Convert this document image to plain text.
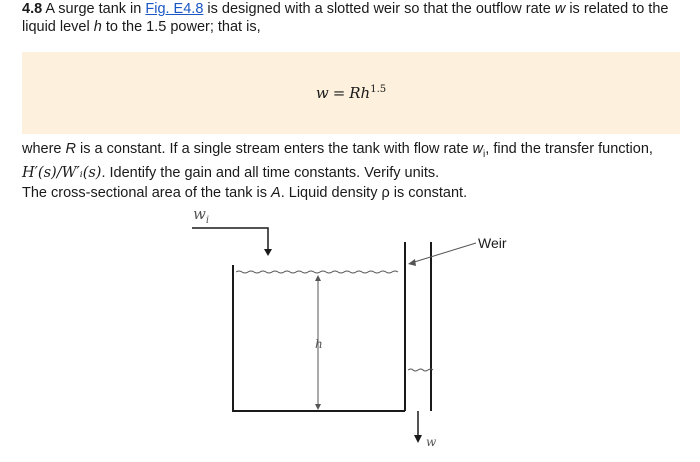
4.8 A surge tank in Fig. E4.8 is designed with a slotted weir so that the outflow rate w is related to the liquid level h to the 1.5 power; that is,
$w = Rh^{1.5}$
where R is a constant. If a single stream enters the tank with flow rate $w_i$, find the transfer function,
H′(s)/W′ᵢ(s). Identify the gain and all time constants. Verify units.
The cross-sectional area of the tank is A. Liquid density ρ is constant.
$w_i$
h
Weir
w
